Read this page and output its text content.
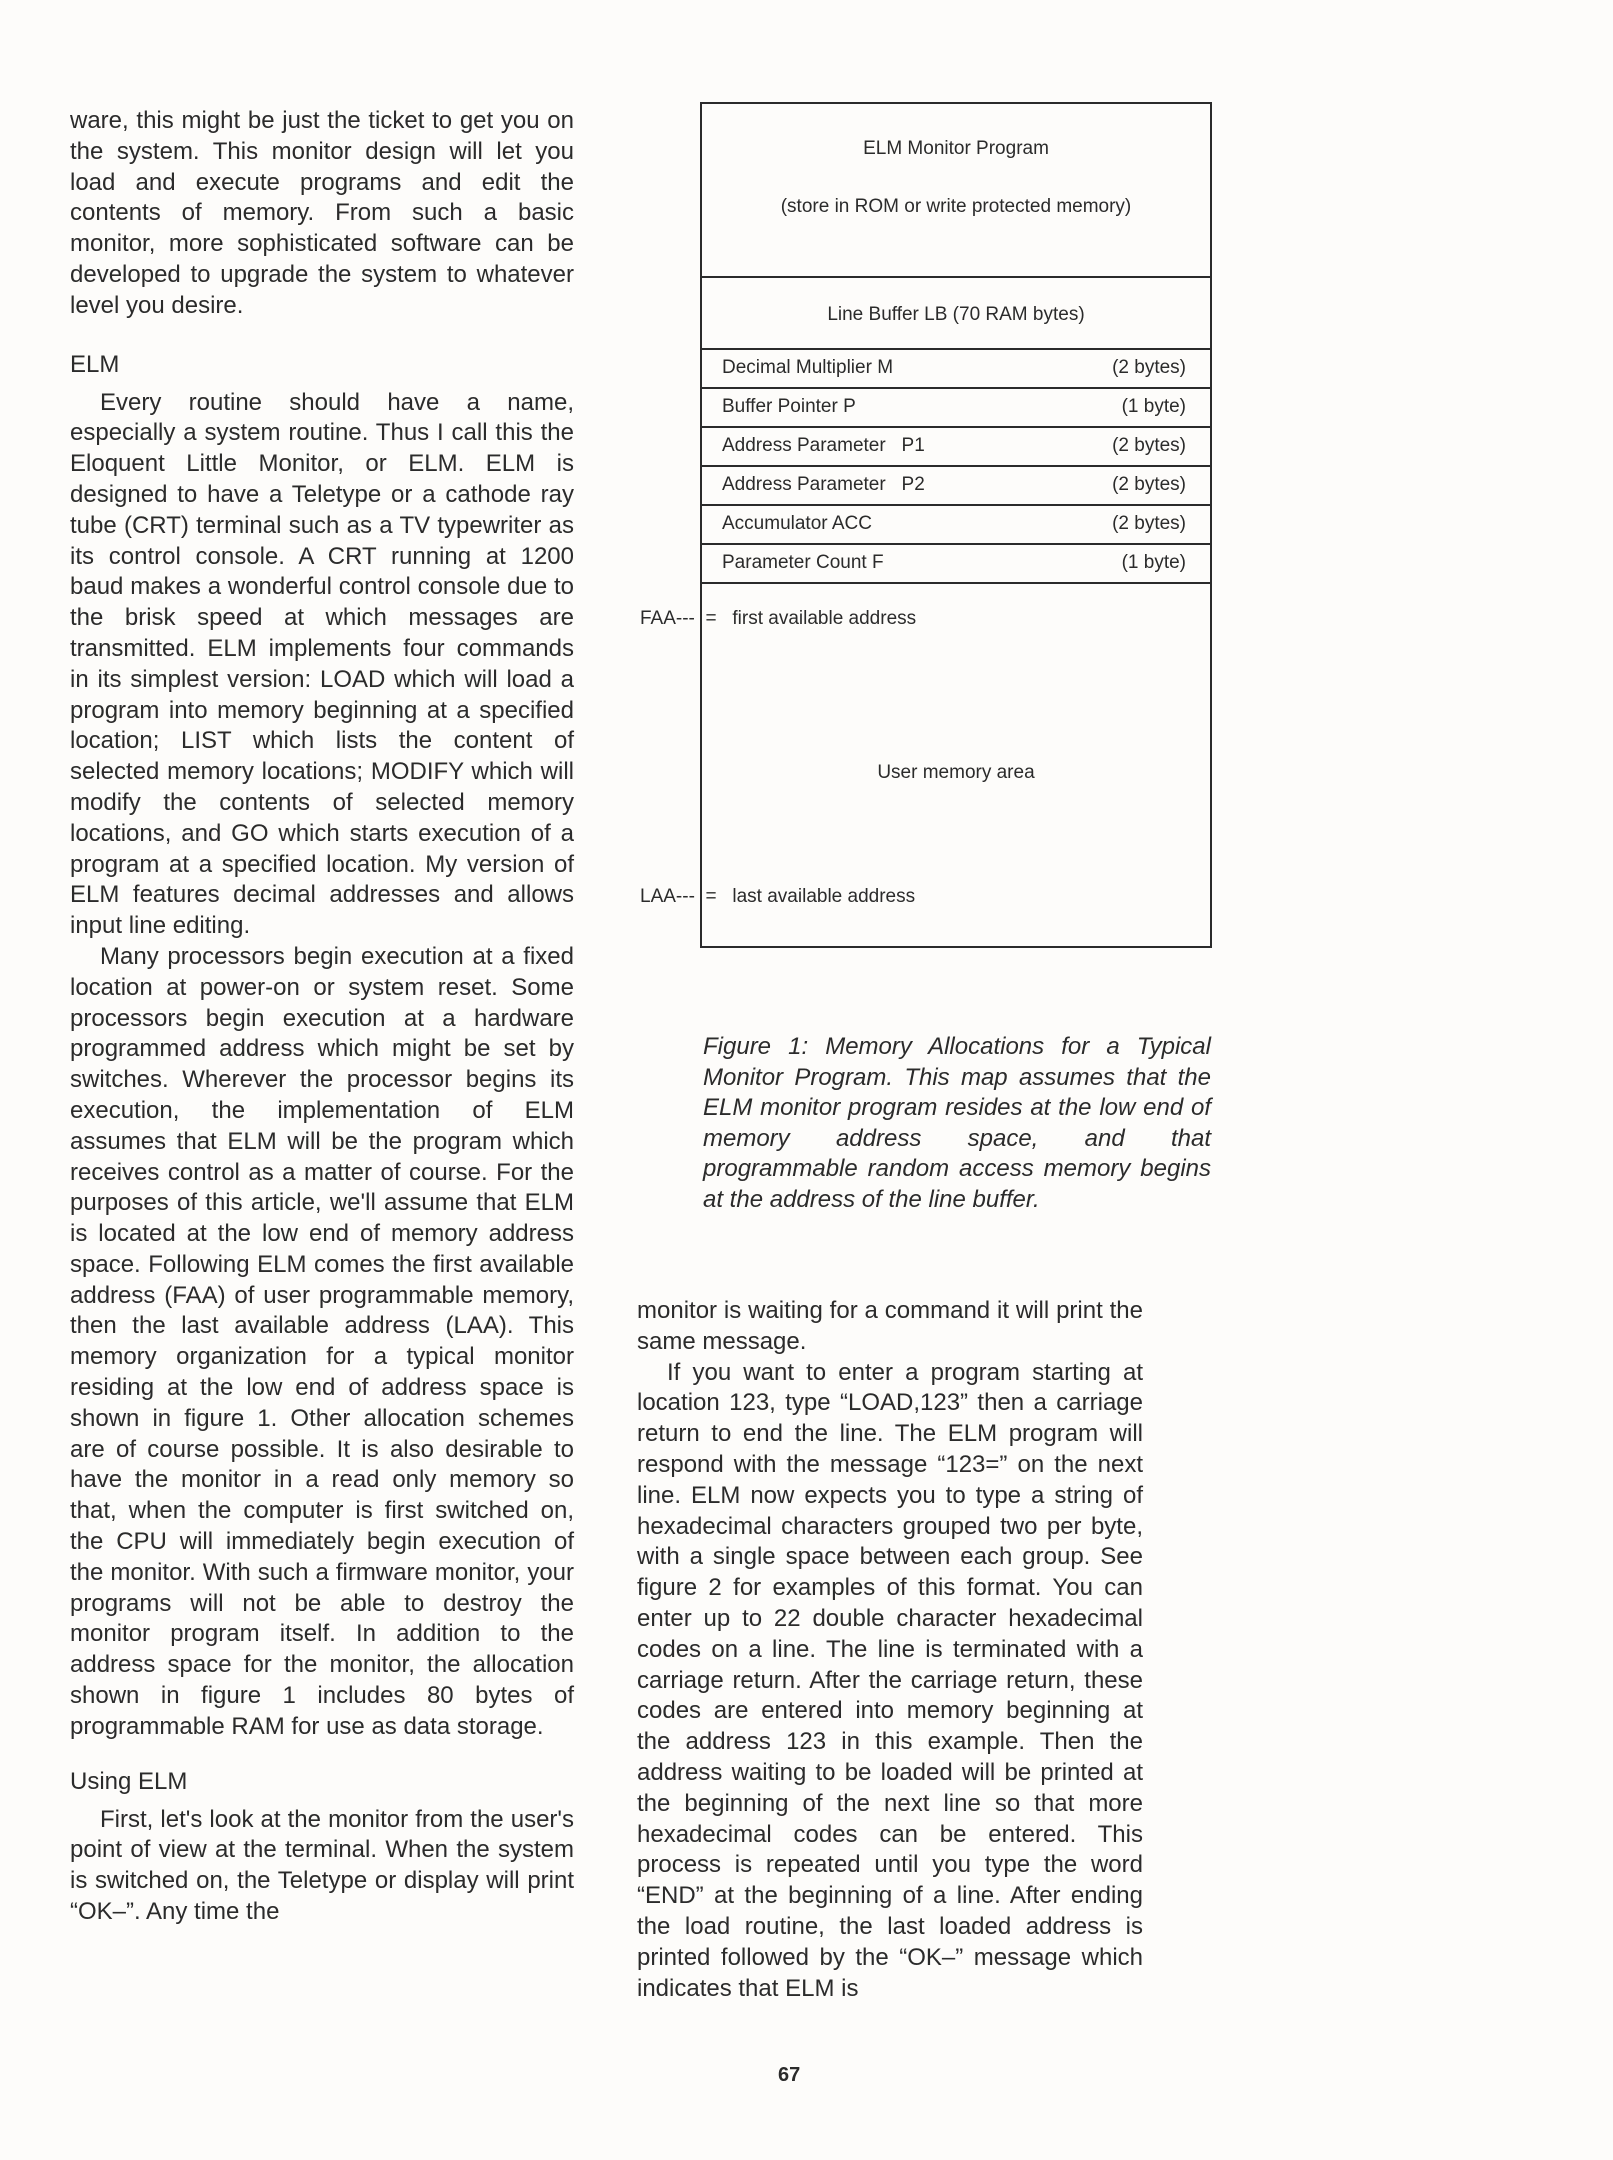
ware, this might be just the ticket to get you on the system. This monitor design will let you load and execute programs and edit the contents of memory. From such a basic monitor, more sophisticated software can be developed to upgrade the system to whatever level you desire.

ELM

Every routine should have a name, especially a system routine. Thus I call this the Eloquent Little Monitor, or ELM. ELM is designed to have a Teletype or a cathode ray tube (CRT) terminal such as a TV typewriter as its control console. A CRT running at 1200 baud makes a wonderful control console due to the brisk speed at which messages are transmitted. ELM implements four commands in its simplest version: LOAD which will load a program into memory beginning at a specified location; LIST which lists the content of selected memory locations; MODIFY which will modify the contents of selected memory locations, and GO which starts execution of a program at a specified location. My version of ELM features decimal addresses and allows input line editing.

Many processors begin execution at a fixed location at power-on or system reset. Some processors begin execution at a hardware programmed address which might be set by switches. Wherever the processor begins its execution, the implementation of ELM assumes that ELM will be the program which receives control as a matter of course. For the purposes of this article, we'll assume that ELM is located at the low end of memory address space. Following ELM comes the first available address (FAA) of user programmable memory, then the last available address (LAA). This memory organization for a typical monitor residing at the low end of address space is shown in figure 1. Other allocation schemes are of course possible. It is also desirable to have the monitor in a read only memory so that, when the computer is first switched on, the CPU will immediately begin execution of the monitor. With such a firmware monitor, your programs will not be able to destroy the monitor program itself. In addition to the address space for the monitor, the allocation shown in figure 1 includes 80 bytes of programmable RAM for use as data storage.

Using ELM

First, let's look at the monitor from the user's point of view at the terminal. When the system is switched on, the Teletype or display will print “OK–”. Any time the

ELM Monitor Program
(store in ROM or write protected memory)
Line Buffer LB (70 RAM bytes)
Decimal Multiplier M	(2 bytes)
Buffer Pointer P	(1 byte)
Address Parameter   P1	(2 bytes)
Address Parameter   P2	(2 bytes)
Accumulator ACC	(2 bytes)
Parameter Count F	(1 byte)
User memory area
FAA---  =   first available address
LAA---  =   last available address
Figure 1: Memory Allocations for a Typical Monitor Program. This map assumes that the ELM monitor program resides at the low end of memory address space, and that programmable random access memory begins at the address of the line buffer.

monitor is waiting for a command it will print the same message.

If you want to enter a program starting at location 123, type “LOAD,123” then a carriage return to end the line. The ELM program will respond with the message “123=” on the next line. ELM now expects you to type a string of hexadecimal characters grouped two per byte, with a single space between each group. See figure 2 for examples of this format. You can enter up to 22 double character hexadecimal codes on a line. The line is terminated with a carriage return. After the carriage return, these codes are entered into memory beginning at the address 123 in this example. Then the address waiting to be loaded will be printed at the beginning of the next line so that more hexadecimal codes can be entered. This process is repeated until you type the word “END” at the beginning of a line. After ending the load routine, the last loaded address is printed followed by the “OK–” message which indicates that ELM is

67
